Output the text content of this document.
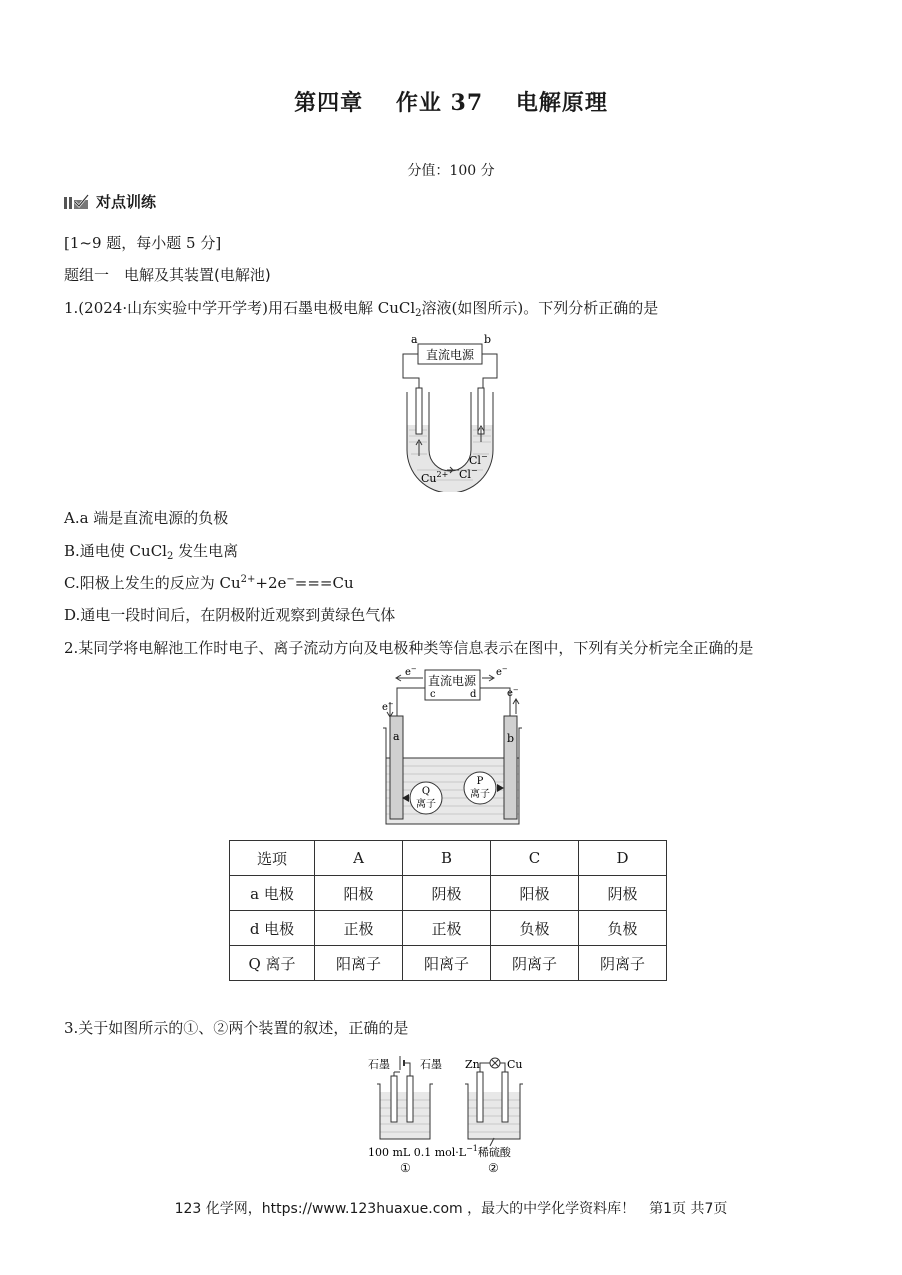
第四章 作业 37 电解原理
分值：100 分
对点训练
[1~9 题，每小题 5 分]
题组一　电解及其装置(电解池)
1.(2024·山东实验中学开学考)用石墨电极电解 CuCl$_2$溶液(如图所示)。下列分析正确的是
直流电源
a	b
Cl−
$Cu^{2+}$ Cl−
A.a 端是直流电源的负极
B.通电使 CuCl$_2$ 发生电离
C.阳极上发生的反应为 $Cu^{2+}+2e^-===Cu$
D.通电一段时间后，在阴极附近观察到黄绿色气体
2.某同学将电解池工作时电子、离子流动方向及电极种类等信息表示在图中，下列有关分析完全正确的是
直流电源
c	d
e−	e−
e−
e−
a	b
Q
离子
P
离子
选项	A	B	C	D
a 电极	阳极	阴极	阳极	阴极
d 电极	正极	正极	负极	负极
Q 离子	阳离子	阳离子	阴离子	阴离子
3.关于如图所示的①、②两个装置的叙述，正确的是
石墨	石墨 Zn Cu
100 mL 0.1 $mol\cdot L^{-1}$稀硫酸
①	②
123 化学网，https://www.123huaxue.com ，最大的中学化学资料库！　第1页 共7页
